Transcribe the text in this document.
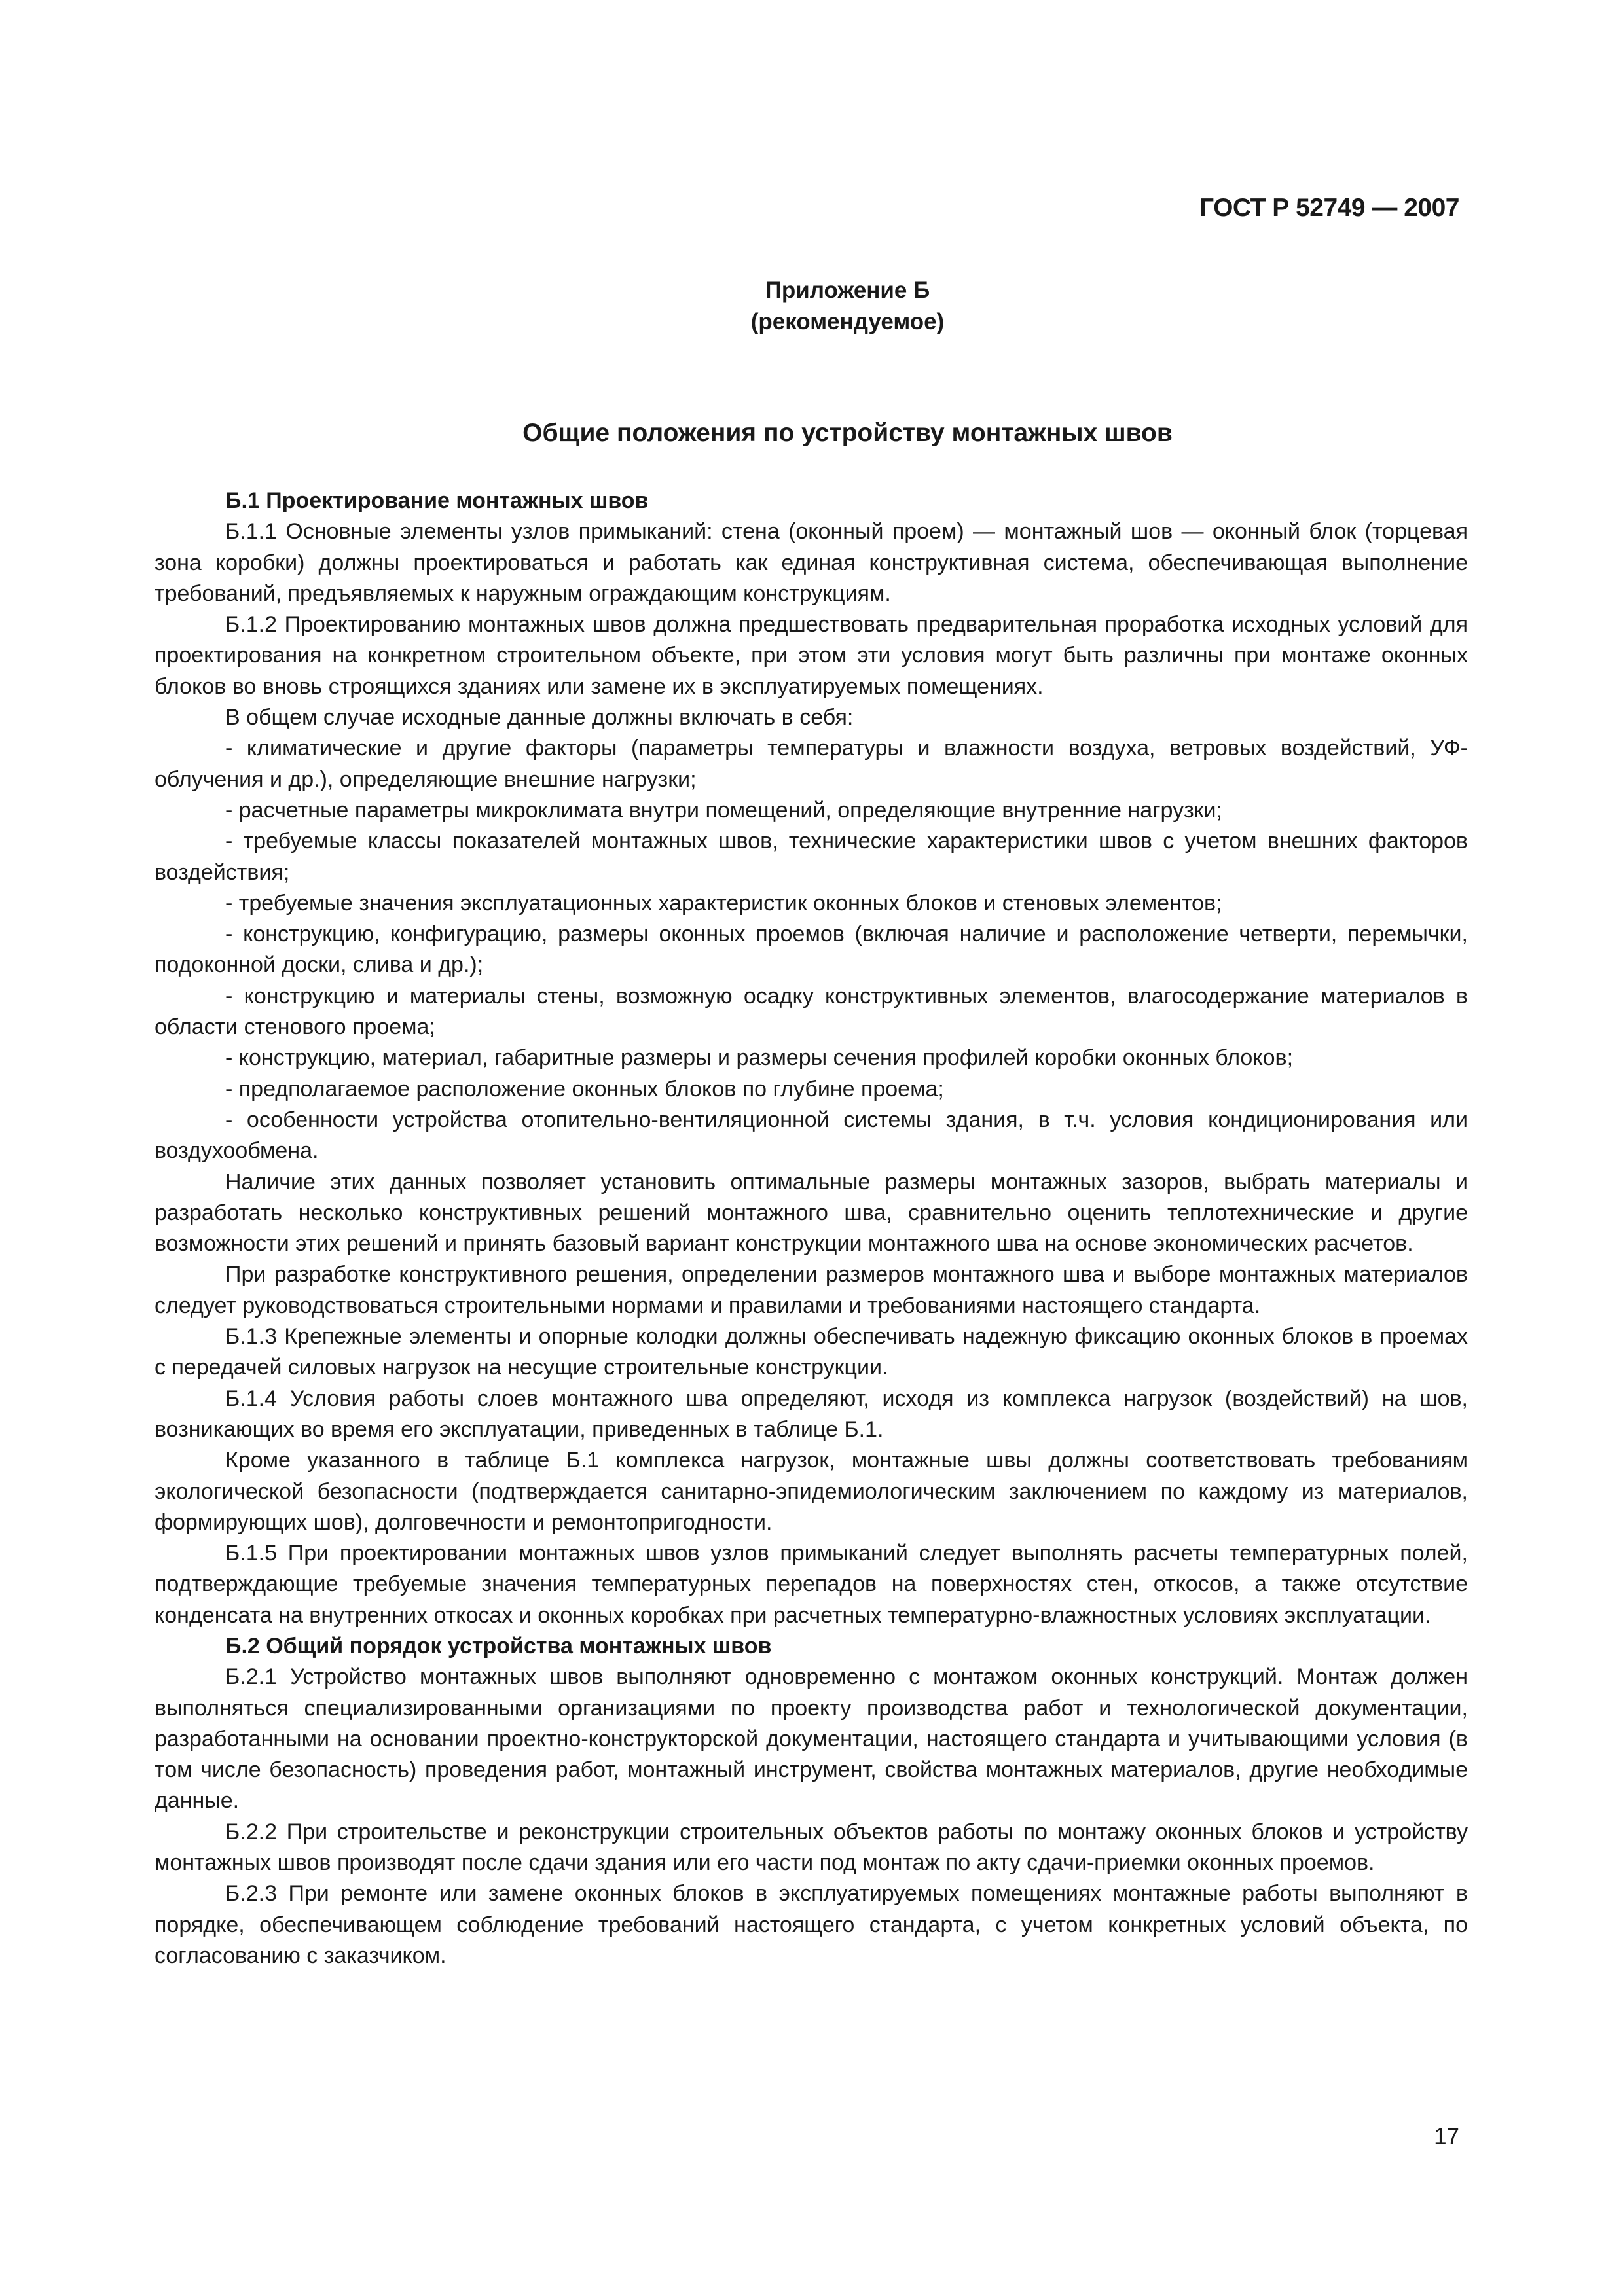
ГОСТ Р 52749 — 2007
Приложение Б
(рекомендуемое)
Общие положения по устройству монтажных швов

Б.1 Проектирование монтажных швов

Б.1.1 Основные элементы узлов примыканий: стена (оконный проем) — монтажный шов — оконный блок (торцевая зона коробки) должны проектироваться и работать как единая конструктивная система, обеспечивающая выполнение требований, предъявляемых к наружным ограждающим конструкциям.

Б.1.2 Проектированию монтажных швов должна предшествовать предварительная проработка исходных условий для проектирования на конкретном строительном объекте, при этом эти условия могут быть различны при монтаже оконных блоков во вновь строящихся зданиях или замене их в эксплуатируемых помещениях.

В общем случае исходные данные должны включать в себя:

- климатические и другие факторы (параметры температуры и влажности воздуха, ветровых воздействий, УФ-облучения и др.), определяющие внешние нагрузки;

- расчетные параметры микроклимата внутри помещений, определяющие внутренние нагрузки;

- требуемые классы показателей монтажных швов, технические характеристики швов с учетом внешних факторов воздействия;

- требуемые значения эксплуатационных характеристик оконных блоков и стеновых элементов;

- конструкцию, конфигурацию, размеры оконных проемов (включая наличие и расположение четверти, перемычки, подоконной доски, слива и др.);

- конструкцию и материалы стены, возможную осадку конструктивных элементов, влагосодержание материалов в области стенового проема;

- конструкцию, материал, габаритные размеры и размеры сечения профилей коробки оконных блоков;

- предполагаемое расположение оконных блоков по глубине проема;

- особенности устройства отопительно-вентиляционной системы здания, в т.ч. условия кондиционирования или воздухообмена.

Наличие этих данных позволяет установить оптимальные размеры монтажных зазоров, выбрать материалы и разработать несколько конструктивных решений монтажного шва, сравнительно оценить теплотехнические и другие возможности этих решений и принять базовый вариант конструкции монтажного шва на основе экономических расчетов.

При разработке конструктивного решения, определении размеров монтажного шва и выборе монтажных материалов следует руководствоваться строительными нормами и правилами и требованиями настоящего стандарта.

Б.1.3 Крепежные элементы и опорные колодки должны обеспечивать надежную фиксацию оконных блоков в проемах с передачей силовых нагрузок на несущие строительные конструкции.

Б.1.4 Условия работы слоев монтажного шва определяют, исходя из комплекса нагрузок (воздействий) на шов, возникающих во время его эксплуатации, приведенных в таблице Б.1.

Кроме указанного в таблице Б.1 комплекса нагрузок, монтажные швы должны соответствовать требованиям экологической безопасности (подтверждается санитарно-эпидемиологическим заключением по каждому из материалов, формирующих шов), долговечности и ремонтопригодности.

Б.1.5 При проектировании монтажных швов узлов примыканий следует выполнять расчеты температурных полей, подтверждающие требуемые значения температурных перепадов на поверхностях стен, откосов, а также отсутствие конденсата на внутренних откосах и оконных коробках при расчетных температурно-влажностных условиях эксплуатации.

Б.2 Общий порядок устройства монтажных швов

Б.2.1 Устройство монтажных швов выполняют одновременно с монтажом оконных конструкций. Монтаж должен выполняться специализированными организациями по проекту производства работ и технологической документации, разработанными на основании проектно-конструкторской документации, настоящего стандарта и учитывающими условия (в том числе безопасность) проведения работ, монтажный инструмент, свойства монтажных материалов, другие необходимые данные.

Б.2.2 При строительстве и реконструкции строительных объектов работы по монтажу оконных блоков и устройству монтажных швов производят после сдачи здания или его части под монтаж по акту сдачи-приемки оконных проемов.

Б.2.3 При ремонте или замене оконных блоков в эксплуатируемых помещениях монтажные работы выполняют в порядке, обеспечивающем соблюдение требований настоящего стандарта, с учетом конкретных условий объекта, по согласованию с заказчиком.

17
